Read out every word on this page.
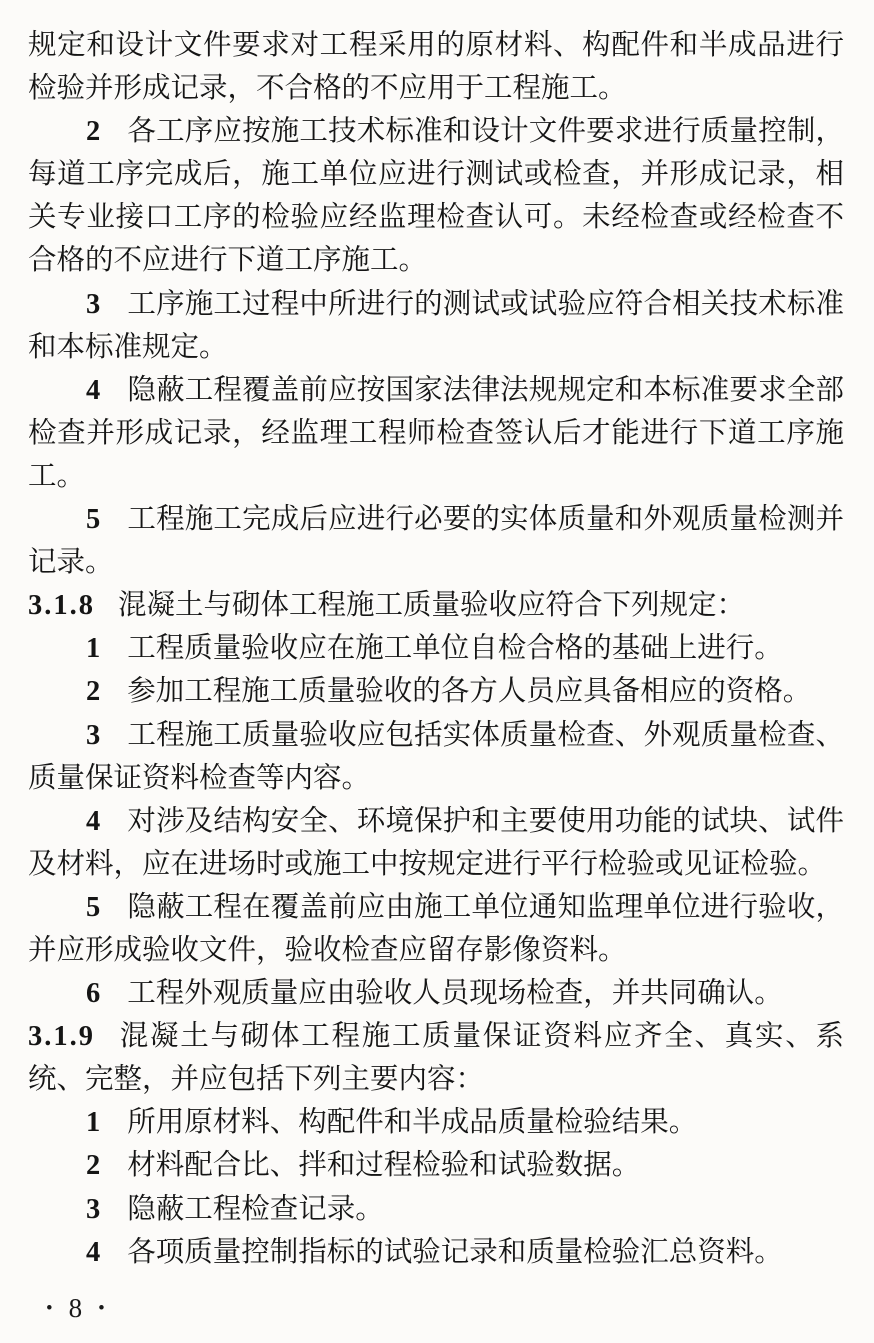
规定和设计文件要求对工程采用的原材料、构配件和半成品进行检验并形成记录，不合格的不应用于工程施工。

2 各工序应按施工技术标准和设计文件要求进行质量控制，每道工序完成后，施工单位应进行测试或检查，并形成记录，相关专业接口工序的检验应经监理检查认可。未经检查或经检查不合格的不应进行下道工序施工。

3 工序施工过程中所进行的测试或试验应符合相关技术标准和本标准规定。

4 隐蔽工程覆盖前应按国家法律法规规定和本标准要求全部检查并形成记录，经监理工程师检查签认后才能进行下道工序施工。

5 工程施工完成后应进行必要的实体质量和外观质量检测并记录。

3.1.8 混凝土与砌体工程施工质量验收应符合下列规定：

1 工程质量验收应在施工单位自检合格的基础上进行。

2 参加工程施工质量验收的各方人员应具备相应的资格。

3 工程施工质量验收应包括实体质量检查、外观质量检查、质量保证资料检查等内容。

4 对涉及结构安全、环境保护和主要使用功能的试块、试件及材料，应在进场时或施工中按规定进行平行检验或见证检验。

5 隐蔽工程在覆盖前应由施工单位通知监理单位进行验收，并应形成验收文件，验收检查应留存影像资料。

6 工程外观质量应由验收人员现场检查，并共同确认。

3.1.9 混凝土与砌体工程施工质量保证资料应齐全、真实、系统、完整，并应包括下列主要内容：

1 所用原材料、构配件和半成品质量检验结果。

2 材料配合比、拌和过程检验和试验数据。

3 隐蔽工程检查记录。

4 各项质量控制指标的试验记录和质量检验汇总资料。

• 8 •
